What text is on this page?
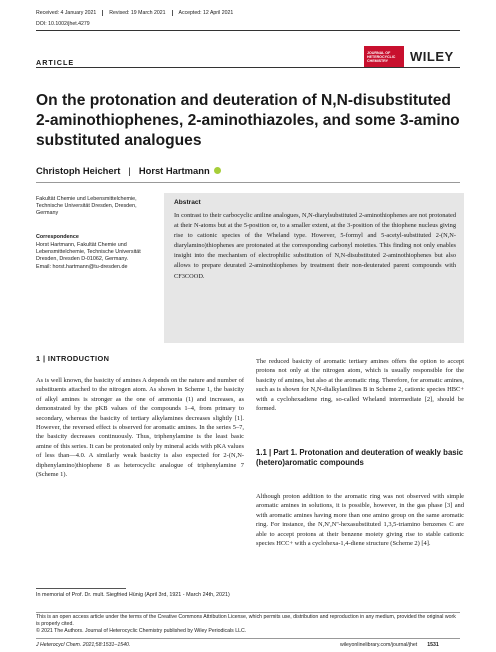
Received: 4 January 2021	Revised: 19 March 2021	Accepted: 12 April 2021
DOI: 10.1002/jhet.4279
ARTICLE
JOURNAL OF
HETEROCYCLIC
CHEMISTRY	WILEY
On the protonation and deuteration of N,N-disubstituted 2-aminothiophenes, 2-aminothiazoles, and some 3-amino substituted analogues
Christoph Heichert | Horst Hartmann
Fakultät Chemie und Lebensmittelchemie, Technische Universität Dresden, Dresden, Germany
Correspondence
Horst Hartmann, Fakultät Chemie und Lebensmittelchemie, Technische Universität Dresden, Dresden D-01062, Germany.
Email: horst.hartmann@tu-dresden.de
Abstract

In contrast to their carbocyclic aniline analogues, N,N-diarylsubstituted 2-aminothiophenes are not protonated at their N-atoms but at the 5-position or, to a smaller extent, at the 3-position of the thiophene nucleus giving rise to cationic species of the Wheland type. However, 5-formyl and 5-acetyl-substituted 2-(N,N-diarylamino)thiophenes are protonated at the corresponding carbonyl moieties. This finding not only enables insight into the mechanism of electrophilic substitution of N,N-disubstituted 2-aminothiophenes but also allows to prepare deurated 2-aminothiophenes by treatment their non-deuterated parent compounds with CF3COOD.

1 | INTRODUCTION

As is well known, the basicity of amines A depends on the nature and number of substituents attached to the nitrogen atom. As shown in Scheme 1, the basicity of alkyl amines is stronger as the one of ammonia (1) and increases, as demonstrated by the pKB values of the compounds 1–4, from primary to secondary, whereas the basicity of tertiary alkylamines decreases slightly [1]. However, the reversed effect is observed for aromatic amines. In the series 5–7, the basicity decreases continuously. Thus, triphenylamine is the least basic amine of this series. It can be protonated only by mineral acids with pKA values of less than—4.0. A similarly weak basicity is also expected for 2-(N,N-diphenylamino)thiophene 8 as heterocyclic analogue of triphenylamine 7 (Scheme 1).

The reduced basicity of aromatic tertiary amines offers the option to accept protons not only at the nitrogen atom, which is usually responsible for the basicity of amines, but also at the aromatic ring. Therefore, for aromatic amines, such as is shown for N,N-dialkylanilines B in Scheme 2, cationic species HBC+ with a cyclohexadiene ring, so-called Wheland intermediate [2], should be formed.

1.1 | Part 1. Protonation and deuteration of weakly basic (hetero)aromatic compounds

Although proton addition to the aromatic ring was not observed with simple aromatic amines in solutions, it is possible, however, in the gas phase [3] and with aromatic amines having more than one amino group on the same aromatic ring. For instance, the N,N',N''-hexasubstituted 1,3,5-triamino benzenes C are able to accept protons at their benzene moiety giving rise to stable cationic species HCC+ with a cyclohexa-1,4-diene structure (Scheme 2) [4].

In memorial of Prof. Dr. mult. Siegfried Hünig (April 3rd, 1921 - March 24th, 2021)
This is an open access article under the terms of the Creative Commons Attribution License, which permits use, distribution and reproduction in any medium, provided the original work is properly cited.
© 2021 The Authors. Journal of Heterocyclic Chemistry published by Wiley Periodicals LLC.
J Heterocycl Chem. 2021;58:1531–1540.	wileyonlinelibrary.com/journal/jhet 1531
